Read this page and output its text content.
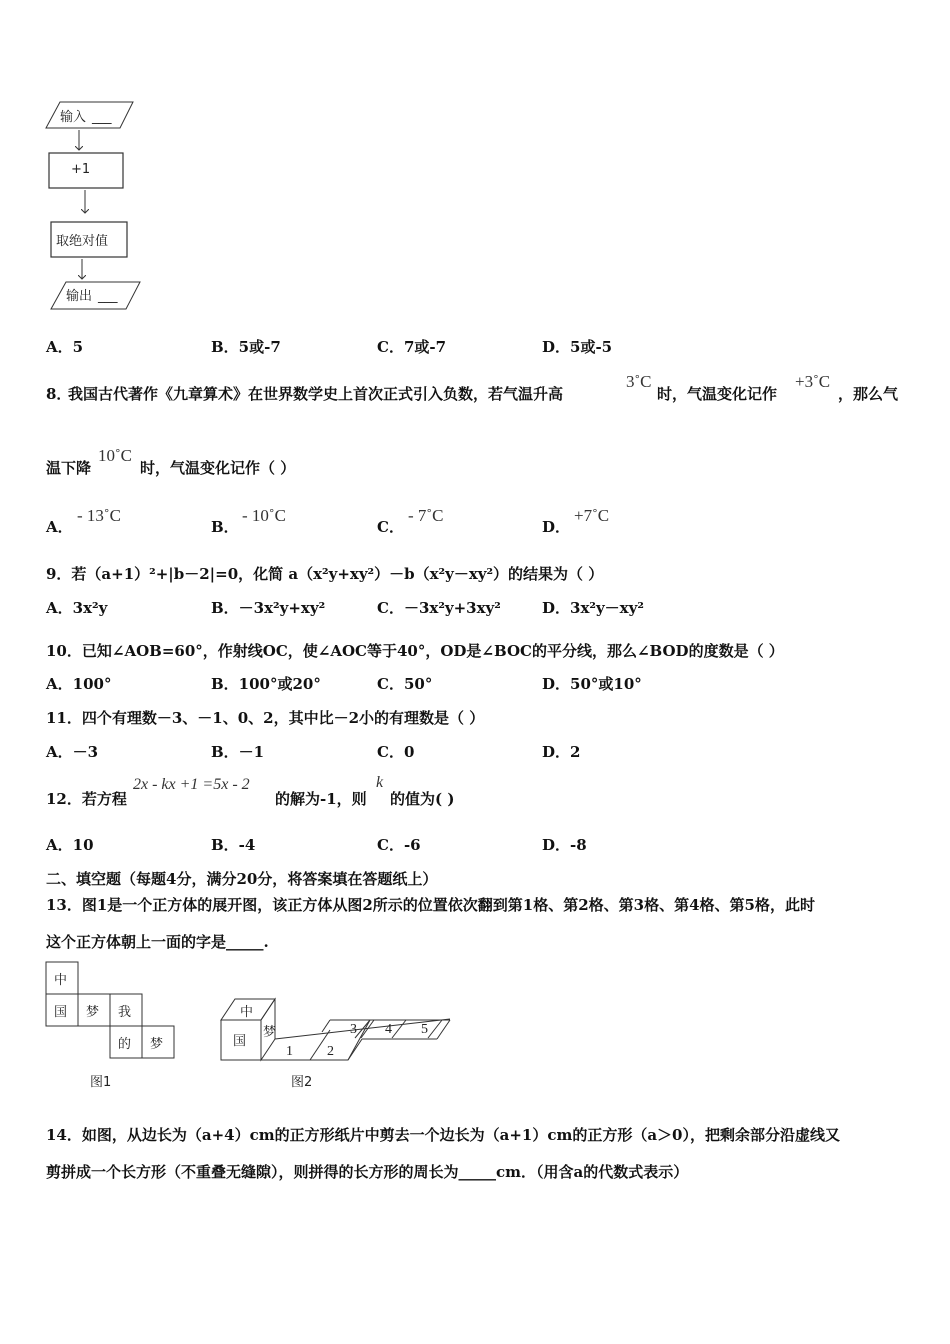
输入 ___
+1
取绝对值
输出 ___
A．5	B．5或-7	C．7或-7	D．5或-5
8．
我国古代著作《九章算术》在世界数学史上首次正式引入负数，若气温升高
3˚C
时，气温变化记作
+3˚C
，那么气
温下降
10˚C
时，气温变化记作（ ）
A．
- 13˚C
B．
- 10˚C
C．
- 7˚C
D．
+7˚C
9．若（a+1）²+|b－2|=0，化简 a（x²y+xy²）－b（x²y－xy²）的结果为（ ）
A．3x²y	B．－3x²y+xy²	C．－3x²y+3xy²	D．3x²y－xy²
10．已知∠AOB=60°，作射线OC，使∠AOC等于40°，OD是∠BOC的平分线，那么∠BOD的度数是（ ）
A．100°	B．100°或20°	C．50°	D．50°或10°
11．四个有理数－3、－1、0、2，其中比－2小的有理数是（ ）
A．－3	B．－1	C．0	D．2
12．若方程
2x - kx +1 =5x - 2
的解为-1，则
k
的值为( )
A．10	B．-4	C．-6	D．-8
二、填空题（每题4分，满分20分，将答案填在答题纸上）
13．图1是一个正方体的展开图，该正方体从图2所示的位置依次翻到第1格、第2格、第3格、第4格、第5格，此时
这个正方体朝上一面的字是_____.
中
国 梦 我
的 梦
图1
中
国
梦
1 2
3 4 5
图2
14．如图，从边长为（a+4）cm的正方形纸片中剪去一个边长为（a+1）cm的正方形（a＞0），把剩余部分沿虚线又
剪拼成一个长方形（不重叠无缝隙），则拼得的长方形的周长为_____cm．（用含a的代数式表示）
